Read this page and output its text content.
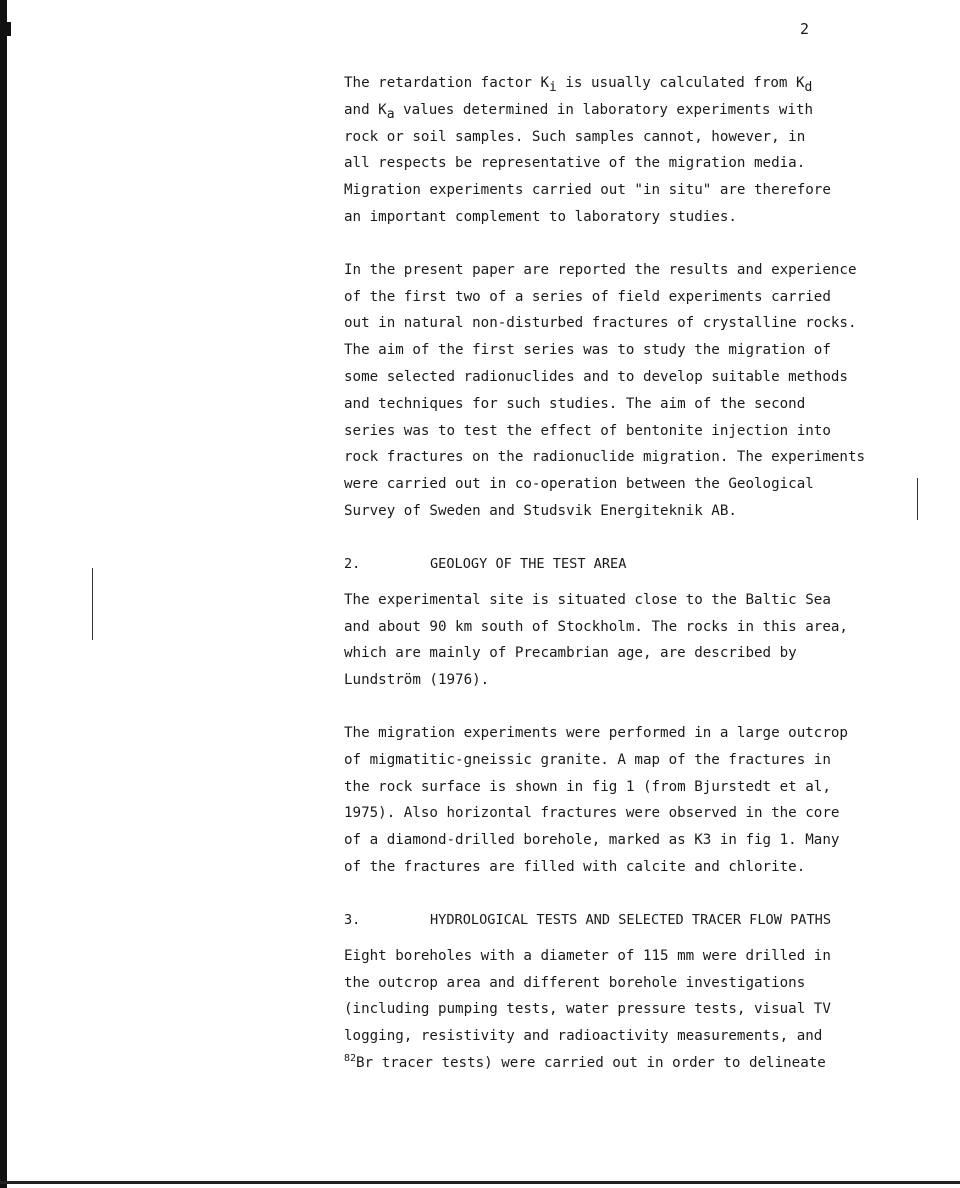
2

The retardation factor $K_i$ is usually calculated from $K_d$
and $K_a$ values determined in laboratory experiments with
rock or soil samples. Such samples cannot, however, in
all respects be representative of the migration media.
Migration experiments carried out "in situ" are therefore
an important complement to laboratory studies.

In the present paper are reported the results and experience
of the first two of a series of field experiments carried
out in natural non-disturbed fractures of crystalline rocks.
The aim of the first series was to study the migration of
some selected radionuclides and to develop suitable methods
and techniques for such studies. The aim of the second
series was to test the effect of bentonite injection into
rock fractures on the radionuclide migration. The experiments
were carried out in co-operation between the Geological
Survey of Sweden and Studsvik Energiteknik AB.

2.	GEOLOGY OF THE TEST AREA

The experimental site is situated close to the Baltic Sea
and about 90 km south of Stockholm. The rocks in this area,
which are mainly of Precambrian age, are described by
Lundström (1976).

The migration experiments were performed in a large outcrop
of migmatitic-gneissic granite. A map of the fractures in
the rock surface is shown in fig 1 (from Bjurstedt et al,
1975). Also horizontal fractures were observed in the core
of a diamond-drilled borehole, marked as K3 in fig 1. Many
of the fractures are filled with calcite and chlorite.

3.	HYDROLOGICAL TESTS AND SELECTED TRACER FLOW PATHS

Eight boreholes with a diameter of 115 mm were drilled in
the outcrop area and different borehole investigations
(including pumping tests, water pressure tests, visual TV
logging, resistivity and radioactivity measurements, and
$^{82}$Br tracer tests) were carried out in order to delineate
